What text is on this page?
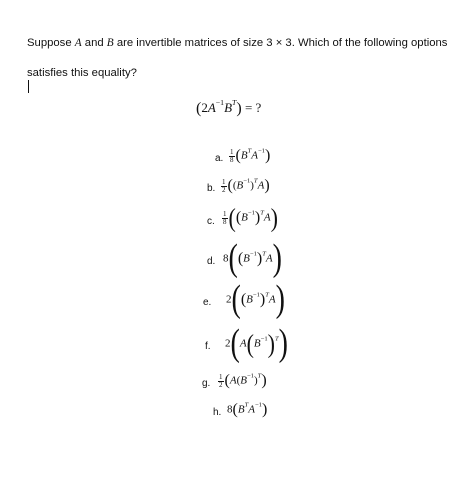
Suppose A and B are invertible matrices of size 3 × 3. Which of the following options satisfies this equality?
$(2A^{-1}B^T)$ = ?
a. $\frac{1}{8} (B^TA^{-1})$
b. $\frac{1}{2} ((B^{-1})^TA)$
c. $\frac{1}{8} ((B^{-1})^TA)$
d. $8((B^{-1})^TA)$
e. $2((B^{-1})^TA)$
f. $2(A(B^{-1})^T)$
g. $\frac{1}{2} (A(B^{-1})^T)$
h. $8(B^TA^{-1})$
